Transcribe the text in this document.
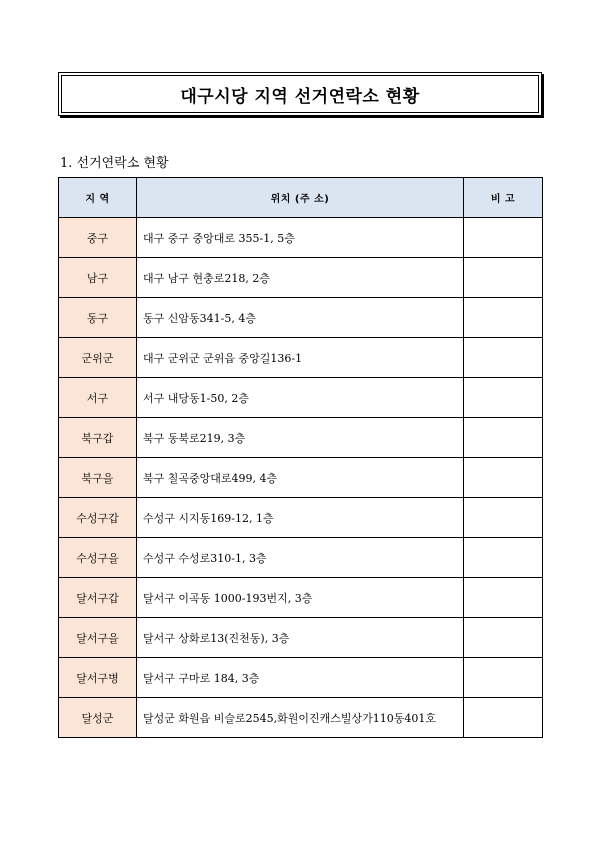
대구시당 지역 선거연락소 현황
1. 선거연락소 현황
지 역	위치 (주 소)	비 고
중구	대구 중구 중앙대로 355-1, 5층	
남구	대구 남구 현충로218, 2층	
동구	동구 신암동341-5, 4층	
군위군	대구 군위군 군위읍 중앙길136-1	
서구	서구 내당동1-50, 2층	
북구갑	북구 동북로219, 3층	
북구을	북구 칠곡중앙대로499, 4층	
수성구갑	수성구 시지동169-12, 1층	
수성구을	수성구 수성로310-1, 3층	
달서구갑	달서구 이곡동 1000-193번지, 3층	
달서구을	달서구 상화로13(진천동), 3층	
달서구병	달서구 구마로 184, 3층	
달성군	달성군 화원읍 비슬로2545,화원이진캐스빌상가110동401호	
